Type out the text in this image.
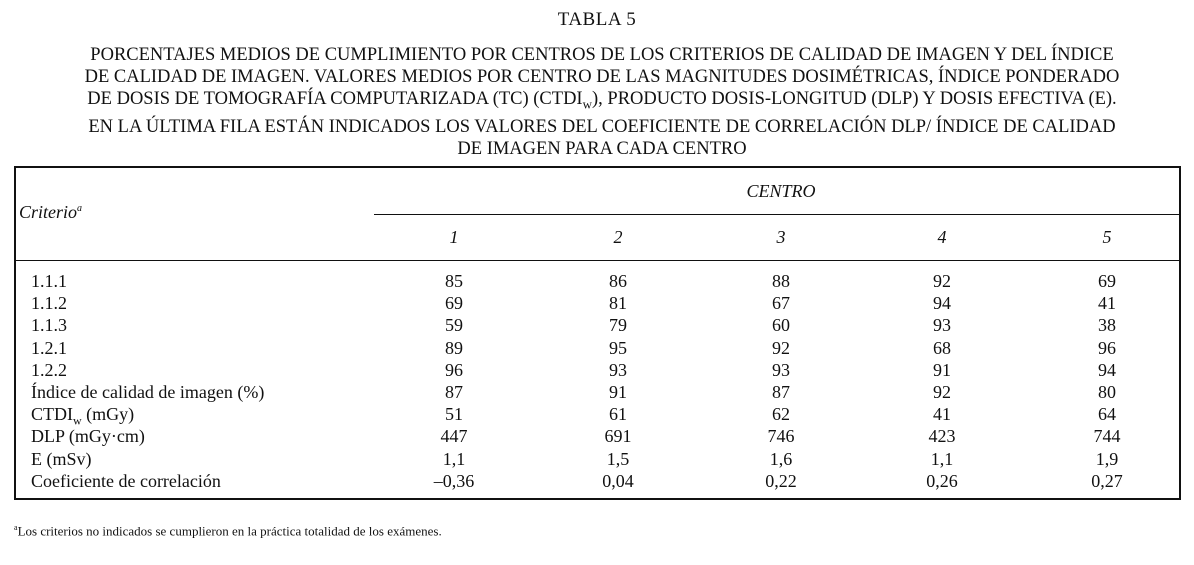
TABLA 5
PORCENTAJES MEDIOS DE CUMPLIMIENTO POR CENTROS DE LOS CRITERIOS DE CALIDAD DE IMAGEN Y DEL ÍNDICE
DE CALIDAD DE IMAGEN. VALORES MEDIOS POR CENTRO DE LAS MAGNITUDES DOSIMÉTRICAS, ÍNDICE PONDERADO
DE DOSIS DE TOMOGRAFÍA COMPUTARIZADA (TC) $(CTDI_w)$, PRODUCTO DOSIS-LONGITUD (DLP) Y DOSIS EFECTIVA (E).
EN LA ÚLTIMA FILA ESTÁN INDICADOS LOS VALORES DEL COEFICIENTE DE CORRELACIÓN DLP/ ÍNDICE DE CALIDAD
DE IMAGEN PARA CADA CENTRO
Criterio$^a$
CENTRO
1	2	3	4	5
1.1.1	85	86	88	92	69
1.1.2	69	81	67	94	41
1.1.3	59	79	60	93	38
1.2.1	89	95	92	68	96
1.2.2	96	93	93	91	94
Índice de calidad de imagen (%)	87	91	87	92	80
$CTDI_w$ (mGy)	51	61	62	41	64
DLP (mGy·cm)	447	691	746	423	744
E (mSv)	1,1	1,5	1,6	1,1	1,9
Coeficiente de correlación	–0,36	0,04	0,22	0,26	0,27
$^a$Los criterios no indicados se cumplieron en la práctica totalidad de los exámenes.
